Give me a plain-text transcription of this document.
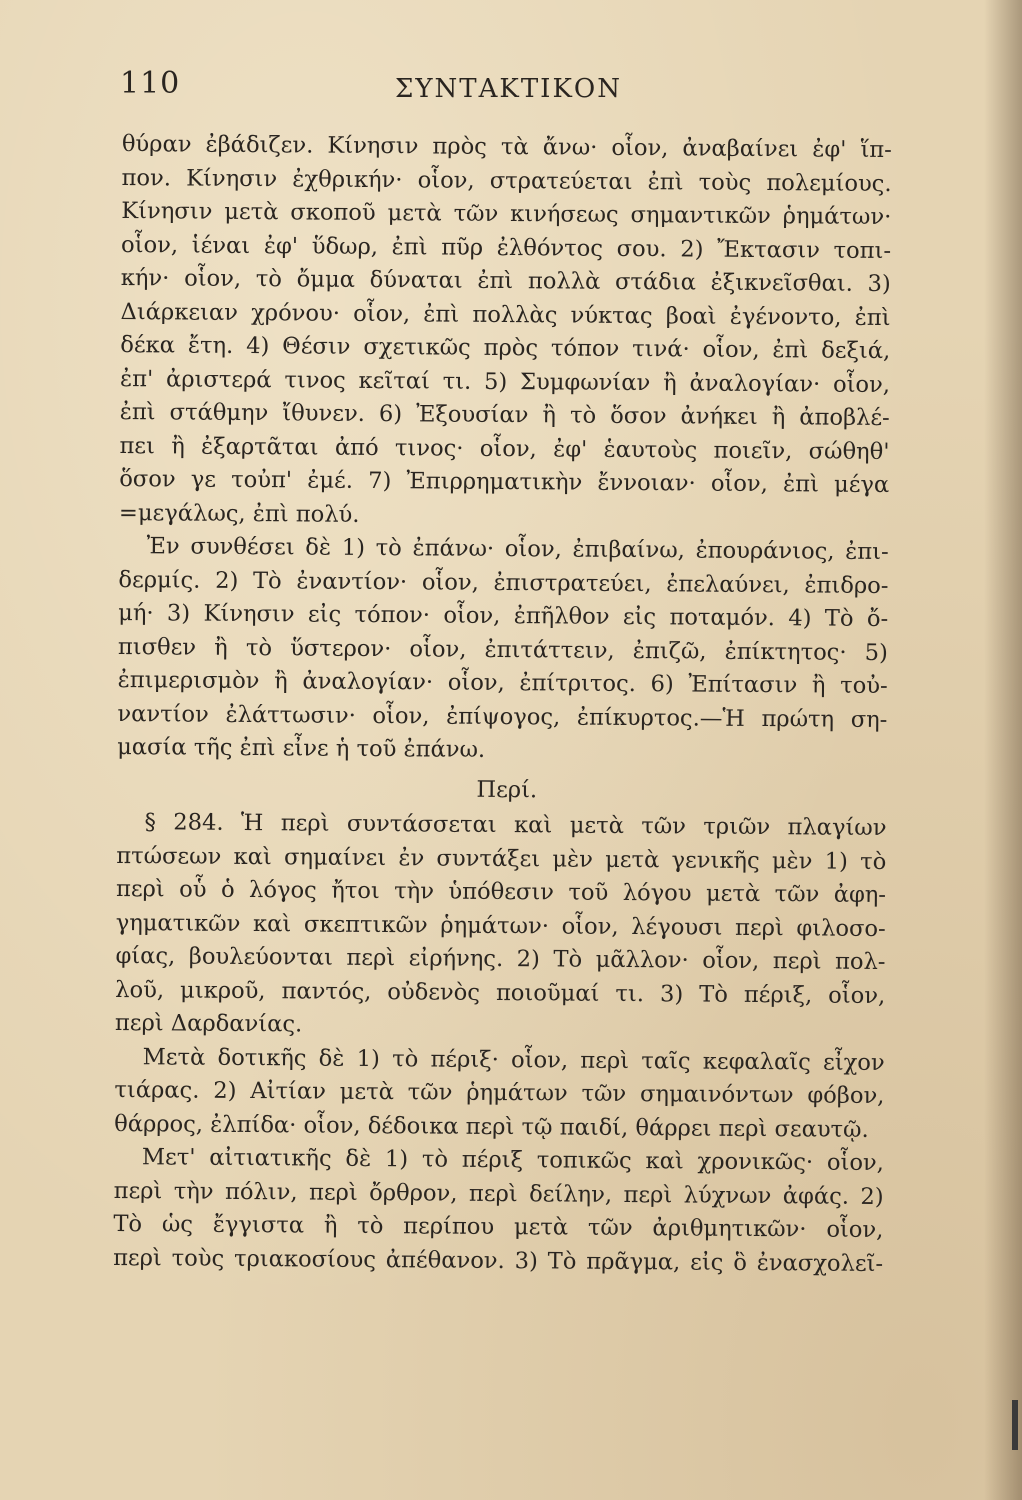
110	ΣΥΝΤΑΚΤΙΚΟΝ
θύραν ἐβάδιζεν. Κίνησιν πρὸς τὰ ἄνω· οἷον, ἀναβαίνει ἐφ' ἵπ-
πον. Κίνησιν ἐχθρικήν· οἷον, στρατεύεται ἐπὶ τοὺς πολεμίους.
Κίνησιν μετὰ σκοποῦ μετὰ τῶν κινήσεως σημαντικῶν ῥημάτων·
οἷον, ἱέναι ἐφ' ὕδωρ, ἐπὶ πῦρ ἐλθόντος σου. 2) Ἔκτασιν τοπι-
κήν· οἷον, τὸ ὄμμα δύναται ἐπὶ πολλὰ στάδια ἐξικνεῖσθαι. 3)
Διάρκειαν χρόνου· οἷον, ἐπὶ πολλὰς νύκτας βοαὶ ἐγένοντο, ἐπὶ
δέκα ἔτη. 4) Θέσιν σχετικῶς πρὸς τόπον τινά· οἷον, ἐπὶ δεξιά,
ἐπ' ἀριστερά τινος κεῖταί τι. 5) Συμφωνίαν ἢ ἀναλογίαν· οἷον,
ἐπὶ στάθμην ἴθυνεν. 6) Ἐξουσίαν ἢ τὸ ὅσον ἀνήκει ἢ ἀποβλέ-
πει ἢ ἐξαρτᾶται ἀπό τινος· οἷον, ἐφ' ἑαυτοὺς ποιεῖν, σώθηθ'
ὅσον γε τοὐπ' ἐμέ. 7) Ἐπιρρηματικὴν ἔννοιαν· οἷον, ἐπὶ μέγα
=μεγάλως, ἐπὶ πολύ.
Ἐν συνθέσει δὲ 1) τὸ ἐπάνω· οἷον, ἐπιβαίνω, ἐπουράνιος, ἐπι-
δερμίς. 2) Τὸ ἐναντίον· οἷον, ἐπιστρατεύει, ἐπελαύνει, ἐπιδρο-
μή· 3) Κίνησιν εἰς τόπον· οἷον, ἐπῆλθον εἰς ποταμόν. 4) Τὸ ὄ-
πισθεν ἢ τὸ ὕστερον· οἷον, ἐπιτάττειν, ἐπιζῶ, ἐπίκτητος· 5)
ἐπιμερισμὸν ἢ ἀναλογίαν· οἷον, ἐπίτριτος. 6) Ἐπίτασιν ἢ τοὐ-
ναντίον ἐλάττωσιν· οἷον, ἐπίψογος, ἐπίκυρτος.—Ἡ πρώτη ση-
μασία τῆς ἐπὶ εἶνε ἡ τοῦ ἐπάνω.
Περί.
§ 284. Ἡ περὶ συντάσσεται καὶ μετὰ τῶν τριῶν πλαγίων
πτώσεων καὶ σημαίνει ἐν συντάξει μὲν μετὰ γενικῆς μὲν 1) τὸ
περὶ οὗ ὁ λόγος ἤτοι τὴν ὑπόθεσιν τοῦ λόγου μετὰ τῶν ἀφη-
γηματικῶν καὶ σκεπτικῶν ῥημάτων· οἷον, λέγουσι περὶ φιλοσο-
φίας, βουλεύονται περὶ εἰρήνης. 2) Τὸ μᾶλλον· οἷον, περὶ πολ-
λοῦ, μικροῦ, παντός, οὐδενὸς ποιοῦμαί τι. 3) Τὸ πέριξ, οἷον,
περὶ Δαρδανίας.
Μετὰ δοτικῆς δὲ 1) τὸ πέριξ· οἷον, περὶ ταῖς κεφαλαῖς εἶχον
τιάρας. 2) Αἰτίαν μετὰ τῶν ῥημάτων τῶν σημαινόντων φόβον,
θάρρος, ἐλπίδα· οἷον, δέδοικα περὶ τῷ παιδί, θάρρει περὶ σεαυτῷ.
Μετ' αἰτιατικῆς δὲ 1) τὸ πέριξ τοπικῶς καὶ χρονικῶς· οἷον,
περὶ τὴν πόλιν, περὶ ὄρθρον, περὶ δείλην, περὶ λύχνων ἀφάς. 2)
Τὸ ὡς ἔγγιστα ἢ τὸ περίπου μετὰ τῶν ἀριθμητικῶν· οἷον,
περὶ τοὺς τριακοσίους ἀπέθανον. 3) Τὸ πρᾶγμα, εἰς ὃ ἐνασχολεῖ-
